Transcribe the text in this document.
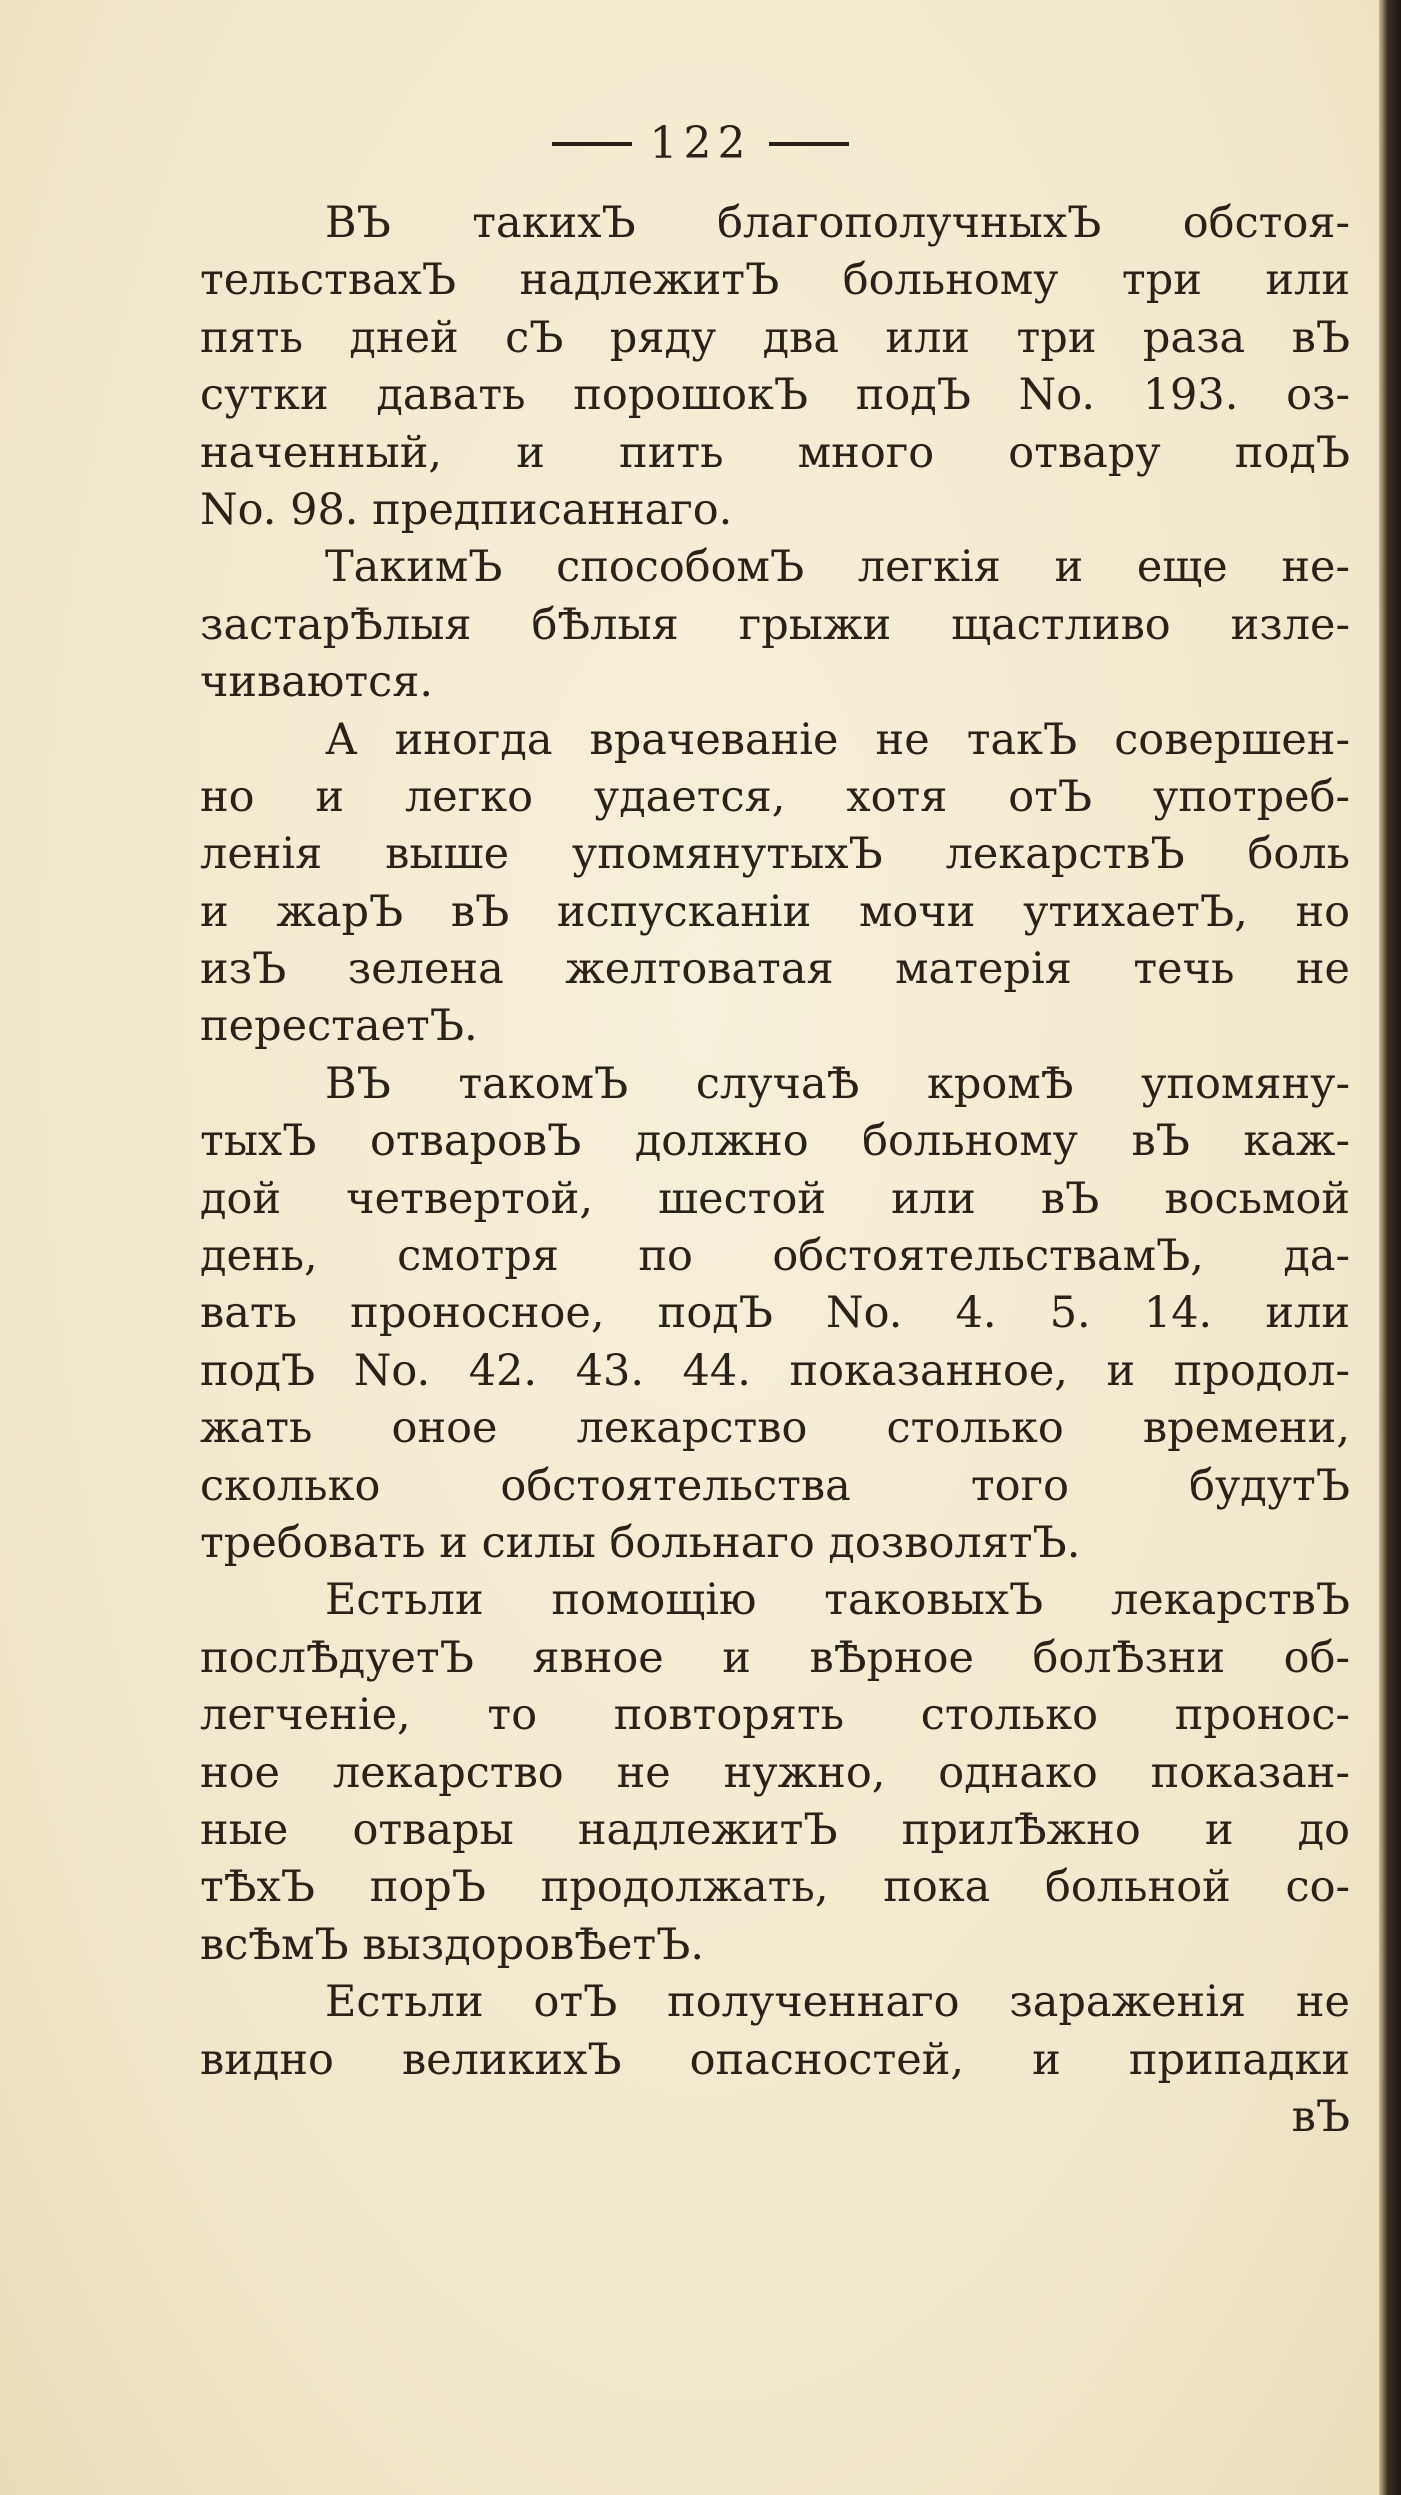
122
ВЪ такихЪ благополучныхЪ обстоя-
тельствахЪ надлежитЪ больному три или
пять дней сЪ ряду два или три раза вЪ
сутки давать порошокЪ подЪ No. 193. оз-
наченный, и пить много отвару подЪ
No. 98. предписаннаго.
ТакимЪ способомЪ легкія и еще не-
застарѢлыя бѢлыя грыжи щастливо изле-
чиваются.
А иногда врачеваніе не такЪ совершен-
но и легко удается, хотя отЪ употреб-
ленія выше упомянутыхЪ лекарствЪ боль
и жарЪ вЪ испусканіи мочи утихаетЪ, но
изЪ зелена желтоватая матерія течь не
перестаетЪ.
ВЪ такомЪ случаѢ кромѢ упомяну-
тыхЪ отваровЪ должно больному вЪ каж-
дой четвертой, шестой или вЪ восьмой
день, смотря по обстоятельствамЪ, да-
вать проносное, подЪ No. 4. 5. 14. или
подЪ No. 42. 43. 44. показанное, и продол-
жать оное лекарство столько времени,
сколько обстоятельства того будутЪ
требовать и силы больнаго дозволятЪ.
Естьли помощію таковыхЪ лекарствЪ
послѢдуетЪ явное и вѢрное болѢзни об-
легченіе, то повторять столько пронос-
ное лекарство не нужно, однако показан-
ные отвары надлежитЪ прилѢжно и до
тѢхЪ порЪ продолжать, пока больной со-
всѢмЪ выздоровѢетЪ.
Естьли отЪ полученнаго зараженія не
видно великихЪ опасностей, и припадки
вЪ
